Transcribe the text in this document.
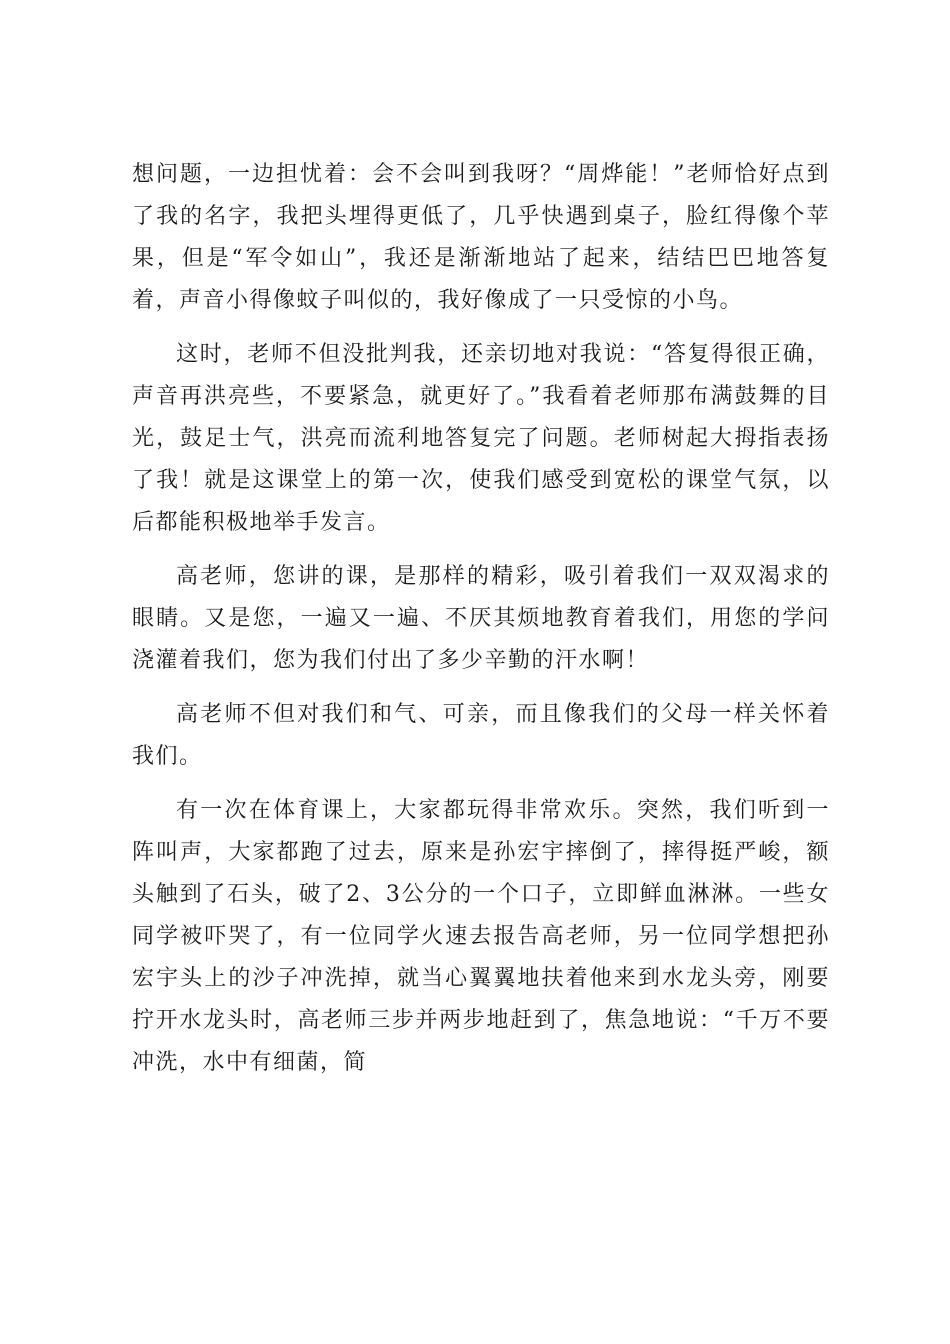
想问题，一边担忧着：会不会叫到我呀？“周烨能！”老师恰好点到了我的名字，我把头埋得更低了，几乎快遇到桌子，脸红得像个苹果，但是“军令如山”，我还是渐渐地站了起来，结结巴巴地答复着，声音小得像蚊子叫似的，我好像成了一只受惊的小鸟。

这时，老师不但没批判我，还亲切地对我说：“答复得很正确，声音再洪亮些，不要紧急，就更好了。”我看着老师那布满鼓舞的目光，鼓足士气，洪亮而流利地答复完了问题。老师树起大拇指表扬了我！就是这课堂上的第一次，使我们感受到宽松的课堂气氛，以后都能积极地举手发言。

高老师，您讲的课，是那样的精彩，吸引着我们一双双渴求的眼睛。又是您，一遍又一遍、不厌其烦地教育着我们，用您的学问浇灌着我们，您为我们付出了多少辛勤的汗水啊！

高老师不但对我们和气、可亲，而且像我们的父母一样关怀着我们。

有一次在体育课上，大家都玩得非常欢乐。突然，我们听到一阵叫声，大家都跑了过去，原来是孙宏宇摔倒了，摔得挺严峻，额头触到了石头，破了2、3公分的一个口子，立即鲜血淋淋。一些女同学被吓哭了，有一位同学火速去报告高老师，另一位同学想把孙宏宇头上的沙子冲洗掉，就当心翼翼地扶着他来到水龙头旁，刚要拧开水龙头时，高老师三步并两步地赶到了，焦急地说：“千万不要冲洗，水中有细菌，简
